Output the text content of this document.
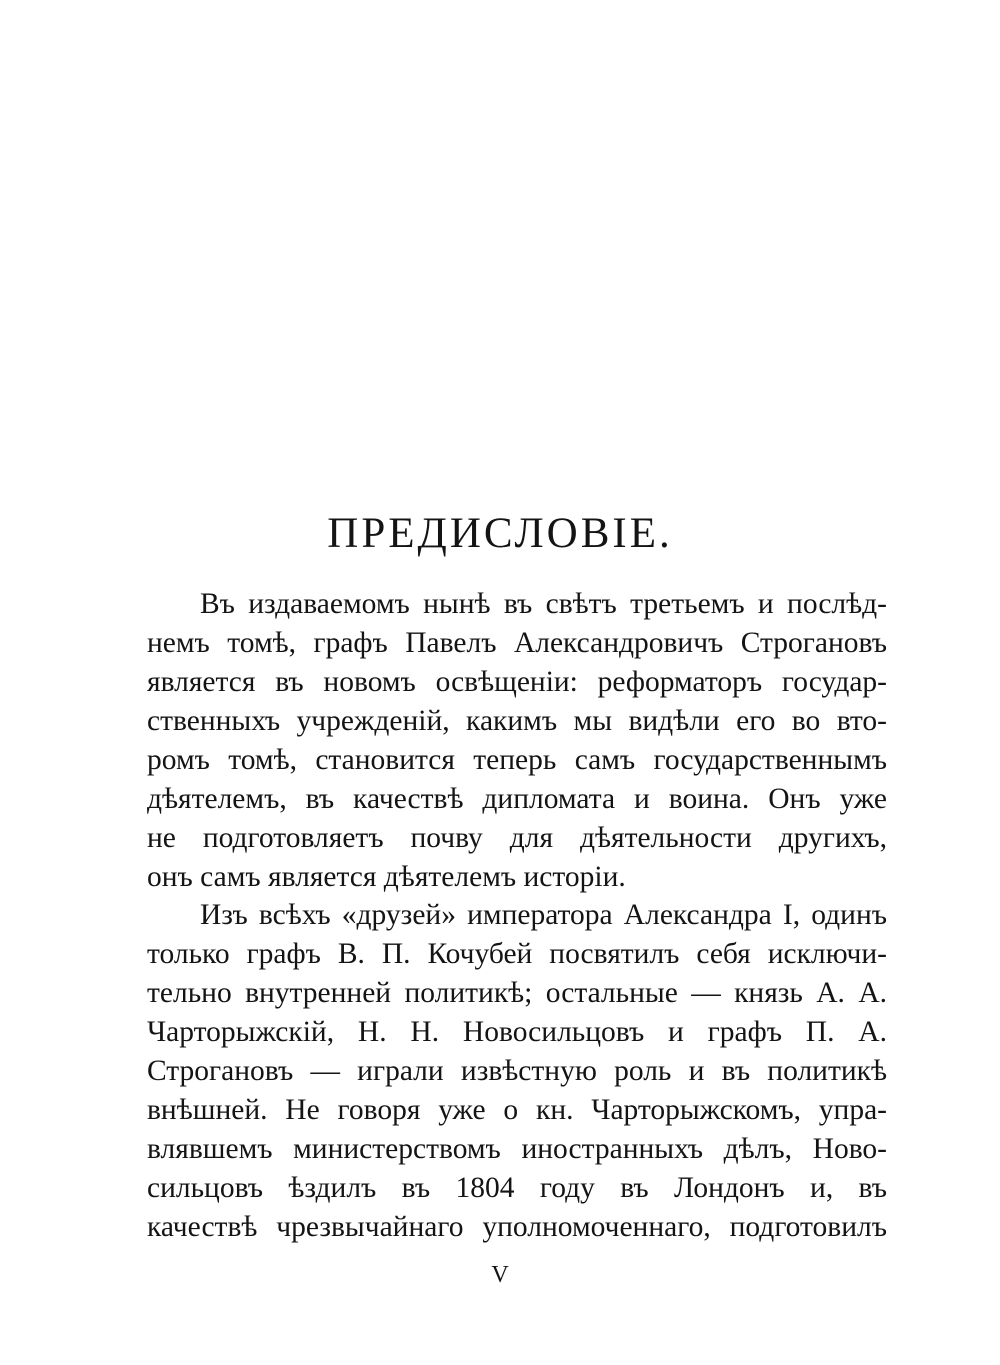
ПРЕДИСЛОВІЕ.
Въ издаваемомъ нынѣ въ свѣтъ третьемъ и послѣд-
немъ томѣ, графъ Павелъ Александровичъ Строгановъ
является въ новомъ освѣщеніи: реформаторъ государ-
ственныхъ учрежденій, какимъ мы видѣли его во вто-
ромъ томѣ, становится теперь самъ государственнымъ
дѣятелемъ, въ качествѣ дипломата и воина. Онъ уже
не подготовляетъ почву для дѣятельности другихъ,
онъ самъ является дѣятелемъ исторіи.
Изъ всѣхъ «друзей» императора Александра I, одинъ
только графъ В. П. Кочубей посвятилъ себя исключи-
тельно внутренней политикѣ; остальные — князь А. А.
Чарторыжскій, Н. Н. Новосильцовъ и графъ П. А.
Строгановъ — играли извѣстную роль и въ политикѣ
внѣшней. Не говоря уже о кн. Чарторыжскомъ, упра-
влявшемъ министерствомъ иностранныхъ дѣлъ, Ново-
сильцовъ ѣздилъ въ 1804 году въ Лондонъ и, въ
качествѣ чрезвычайнаго уполномоченнаго, подготовилъ
V
